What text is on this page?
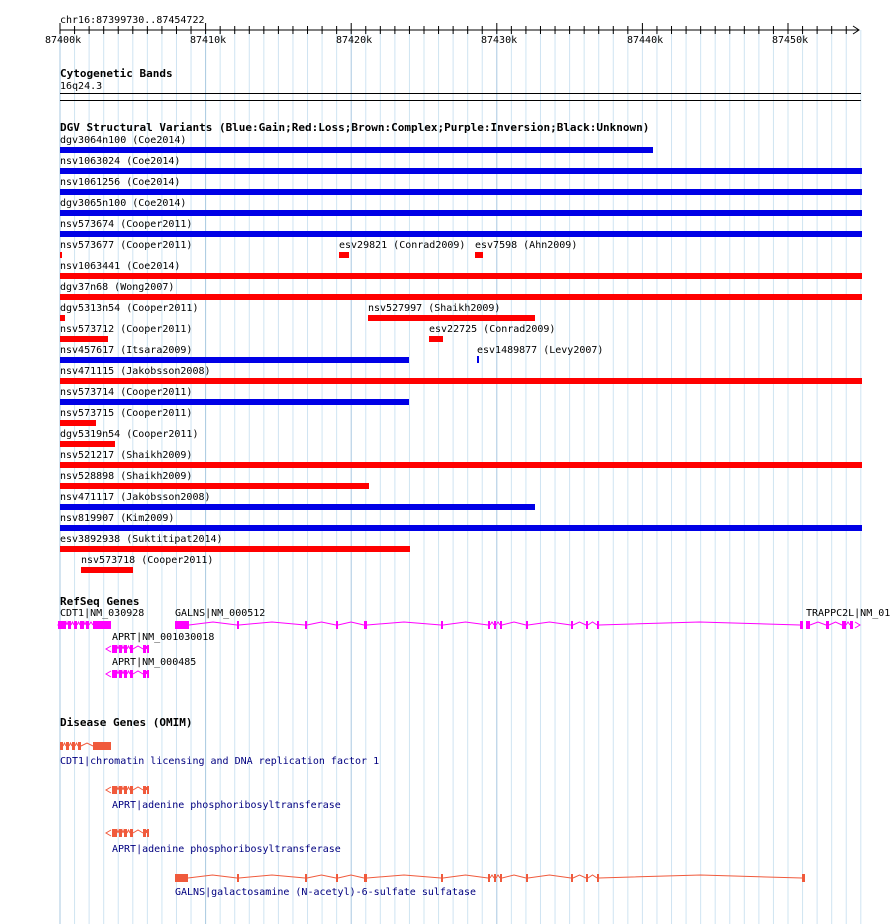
chr16:87399730..87454722
87400k	87410k	87420k	87430k	87440k	87450k
Cytogenetic Bands
16q24.3
DGV Structural Variants (Blue:Gain;Red:Loss;Brown:Complex;Purple:Inversion;Black:Unknown)
dgv3064n100 (Coe2014)
nsv1063024 (Coe2014)
nsv1061256 (Coe2014)
dgv3065n100 (Coe2014)
nsv573674 (Cooper2011)
nsv573677 (Cooper2011)	esv29821 (Conrad2009) esv7598 (Ahn2009)
nsv1063441 (Coe2014)
dgv37n68 (Wong2007)
dgv5313n54 (Cooper2011)	nsv527997 (Shaikh2009)
nsv573712 (Cooper2011)	esv22725 (Conrad2009)
nsv457617 (Itsara2009)	esv1489877 (Levy2007)
nsv471115 (Jakobsson2008)
nsv573714 (Cooper2011)
nsv573715 (Cooper2011)
dgv5319n54 (Cooper2011)
nsv521217 (Shaikh2009)
nsv528898 (Shaikh2009)
nsv471117 (Jakobsson2008)
nsv819907 (Kim2009)
esv3892938 (Suktitipat2014)
nsv573718 (Cooper2011)
RefSeq Genes
CDT1|NM_030928	GALNS|NM_000512	TRAPPC2L|NM_01
APRT|NM_001030018
APRT|NM_000485
Disease Genes (OMIM)
CDT1|chromatin licensing and DNA replication factor 1
APRT|adenine phosphoribosyltransferase
APRT|adenine phosphoribosyltransferase
GALNS|galactosamine (N-acetyl)-6-sulfate sulfatase
